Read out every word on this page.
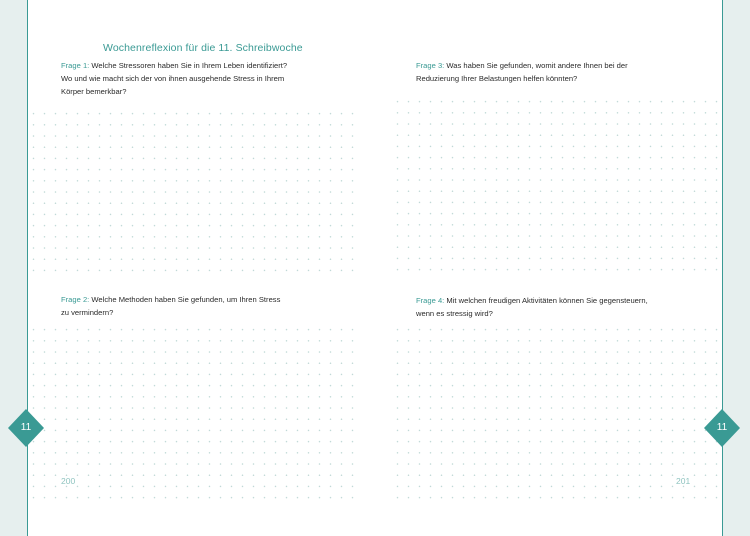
Wochenreflexion für die 11. Schreibwoche
Frage 1: Welche Stressoren haben Sie in Ihrem Leben identifiziert?
Wo und wie macht sich der von ihnen ausgehende Stress in Ihrem
Körper bemerkbar?
Frage 2: Welche Methoden haben Sie gefunden, um Ihren Stress
zu vermindern?
Frage 3: Was haben Sie gefunden, womit andere Ihnen bei der
Reduzierung Ihrer Belastungen helfen könnten?
Frage 4: Mit welchen freudigen Aktivitäten können Sie gegensteuern,
wenn es stressig wird?
11	11
200	201
